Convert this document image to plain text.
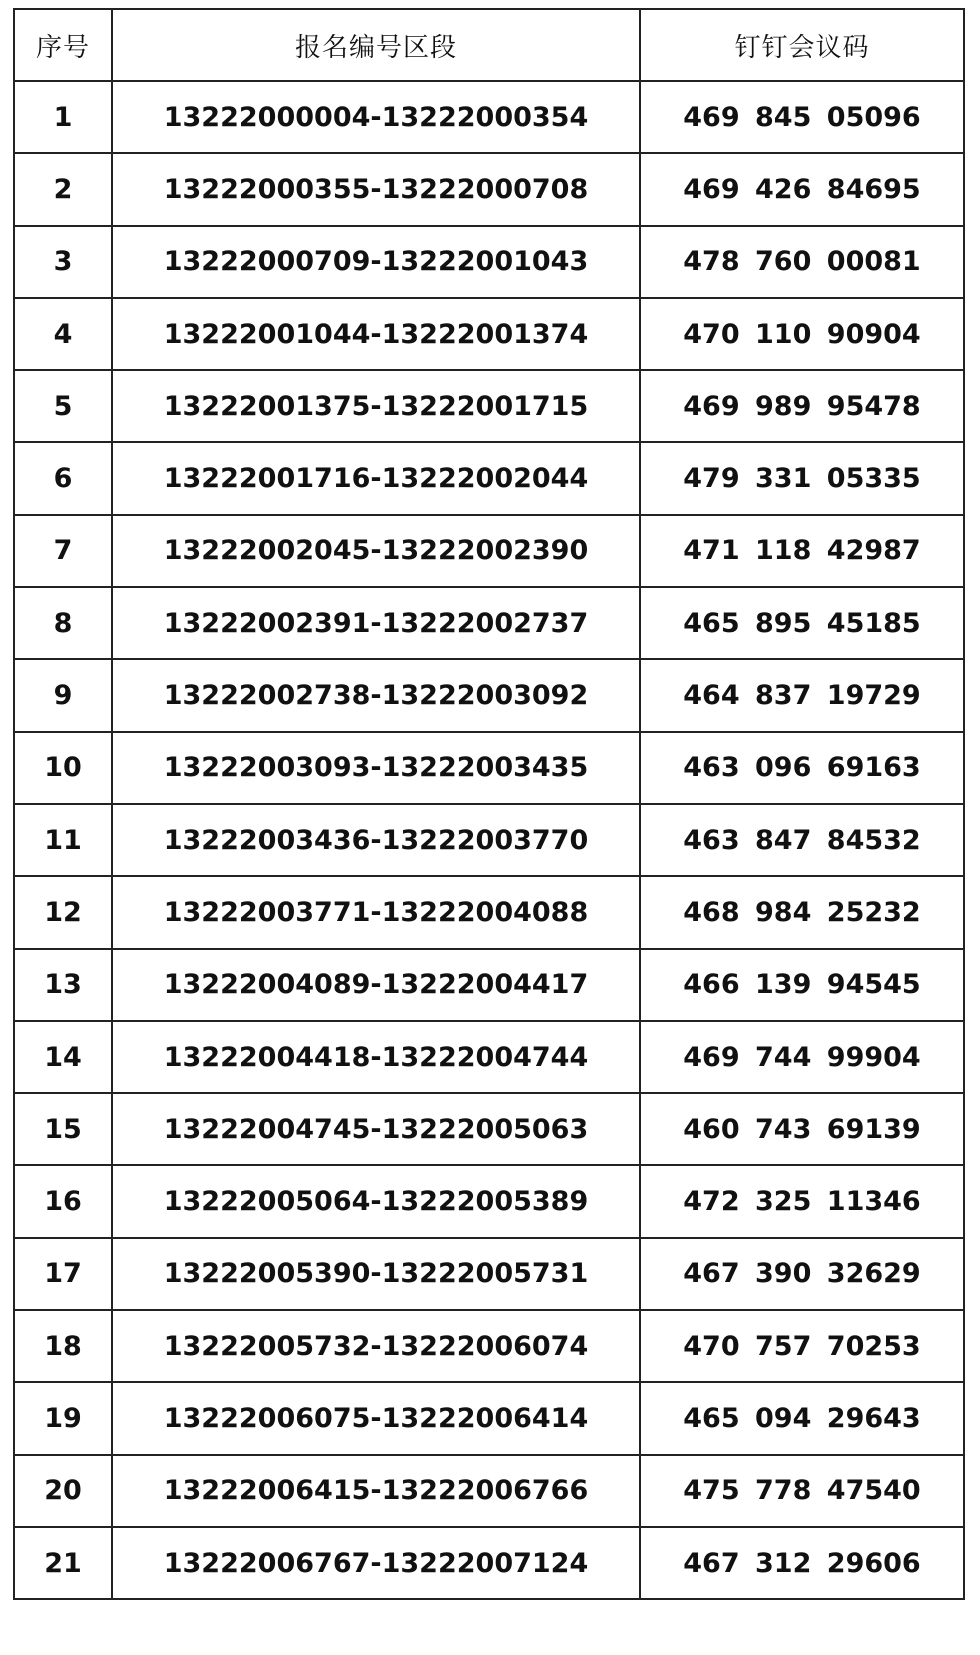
序号	报名编号区段	钉钉会议码
1	13222000004-13222000354	469 845 05096
2	13222000355-13222000708	469 426 84695
3	13222000709-13222001043	478 760 00081
4	13222001044-13222001374	470 110 90904
5	13222001375-13222001715	469 989 95478
6	13222001716-13222002044	479 331 05335
7	13222002045-13222002390	471 118 42987
8	13222002391-13222002737	465 895 45185
9	13222002738-13222003092	464 837 19729
10	13222003093-13222003435	463 096 69163
11	13222003436-13222003770	463 847 84532
12	13222003771-13222004088	468 984 25232
13	13222004089-13222004417	466 139 94545
14	13222004418-13222004744	469 744 99904
15	13222004745-13222005063	460 743 69139
16	13222005064-13222005389	472 325 11346
17	13222005390-13222005731	467 390 32629
18	13222005732-13222006074	470 757 70253
19	13222006075-13222006414	465 094 29643
20	13222006415-13222006766	475 778 47540
21	13222006767-13222007124	467 312 29606
